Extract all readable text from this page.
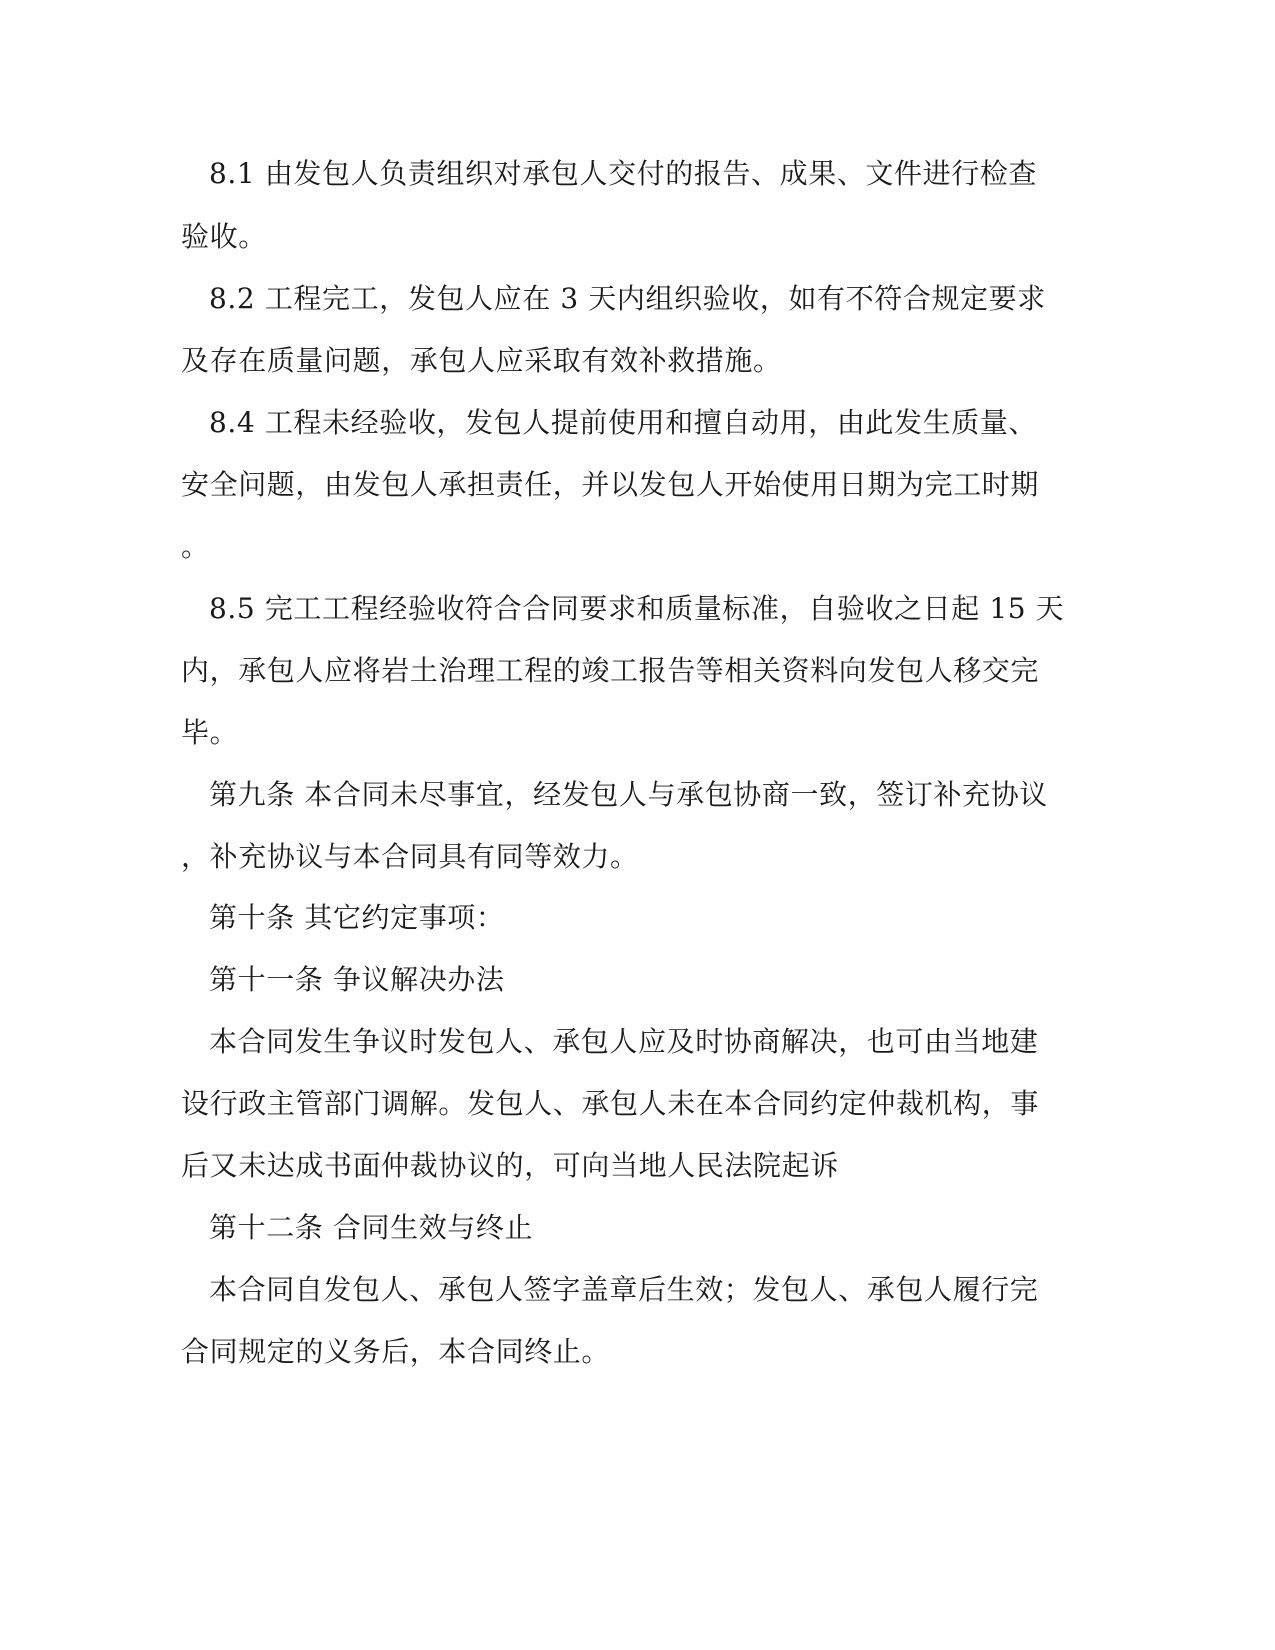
8.1 由发包人负责组织对承包人交付的报告、成果、文件进行检查
验收。
8.2 工程完工，发包人应在 3 天内组织验收，如有不符合规定要求
及存在质量问题，承包人应采取有效补救措施。
8.4 工程未经验收，发包人提前使用和擅自动用，由此发生质量、
安全问题，由发包人承担责任，并以发包人开始使用日期为完工时期
。
8.5 完工工程经验收符合合同要求和质量标准，自验收之日起 15 天
内，承包人应将岩土治理工程的竣工报告等相关资料向发包人移交完
毕。
第九条 本合同未尽事宜，经发包人与承包协商一致，签订补充协议
，补充协议与本合同具有同等效力。
第十条 其它约定事项：
第十一条 争议解决办法
本合同发生争议时发包人、承包人应及时协商解决，也可由当地建
设行政主管部门调解。发包人、承包人未在本合同约定仲裁机构，事
后又未达成书面仲裁协议的，可向当地人民法院起诉
第十二条 合同生效与终止
本合同自发包人、承包人签字盖章后生效；发包人、承包人履行完
合同规定的义务后，本合同终止。
